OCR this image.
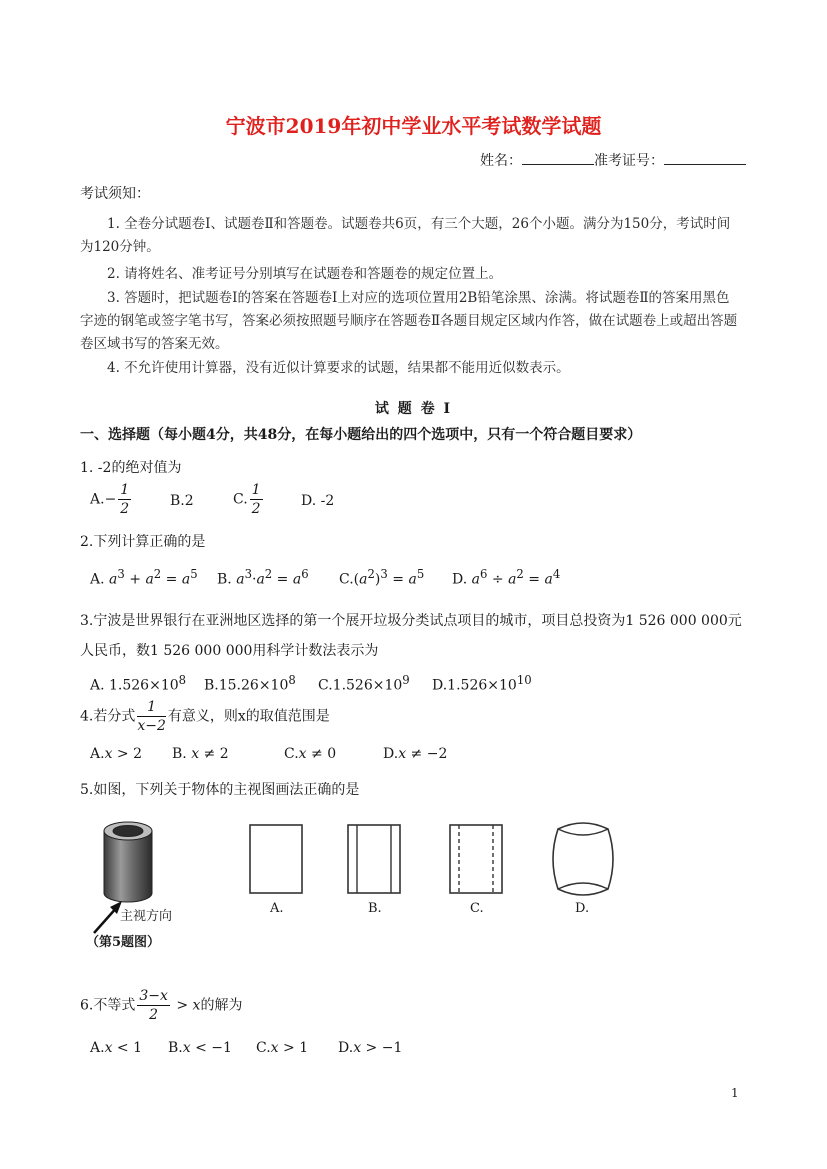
宁波市2019年初中学业水平考试数学试题
姓名：	准考证号：
考试须知：
1. 全卷分试题卷Ⅰ、试题卷Ⅱ和答题卷。试题卷共6页，有三个大题，26个小题。满分为150分，考试时间为120分钟。
2. 请将姓名、准考证号分别填写在试题卷和答题卷的规定位置上。
3. 答题时，把试题卷Ⅰ的答案在答题卷Ⅰ上对应的选项位置用2B铅笔涂黑、涂满。将试题卷Ⅱ的答案用黑色字迹的钢笔或签字笔书写，答案必须按照题号顺序在答题卷Ⅱ各题目规定区域内作答，做在试题卷上或超出答题卷区域书写的答案无效。
4. 不允许使用计算器，没有近似计算要求的试题，结果都不能用近似数表示。
试 题 卷 I
一、选择题（每小题4分，共48分，在每小题给出的四个选项中，只有一个符合题目要求）
1. -2的绝对值为
$A.- \frac{1}{2}$	B.2	C. $\frac{1}{2}$	D. -2
2.下列计算正确的是
A. $a^3 + a^2 = a^5$ B. $a^3\cdot a^2 = a^6$ $C.(a^2)^3 = a^5$ D. $a^6 \div a^2 = a^4$
3.宁波是世界银行在亚洲地区选择的第一个展开垃圾分类试点项目的城市，项目总投资为1 526 000 000元
人民币，数1 526 000 000用科学计数法表示为
A. $1.526\times 10^8$ $B.15.26\times 10^8$ $C.1.526\times 10^9$ $D.1.526\times 10^{10}$
4.若分式 $\frac{1}{x-2}$ 有意义，则x的取值范围是
A.x > 2 B. x ≠ 2	C.x ≠ 0	D.x ≠ −2
5.如图，下列关于物体的主视图画法正确的是
主视方向
（第5题图）
A.	B.	C.	D.
6.不等式 $\frac{3-x}{2} > x$的解为
A.x < 1 B.x < −1 C.x > 1 D.x > −1
1
